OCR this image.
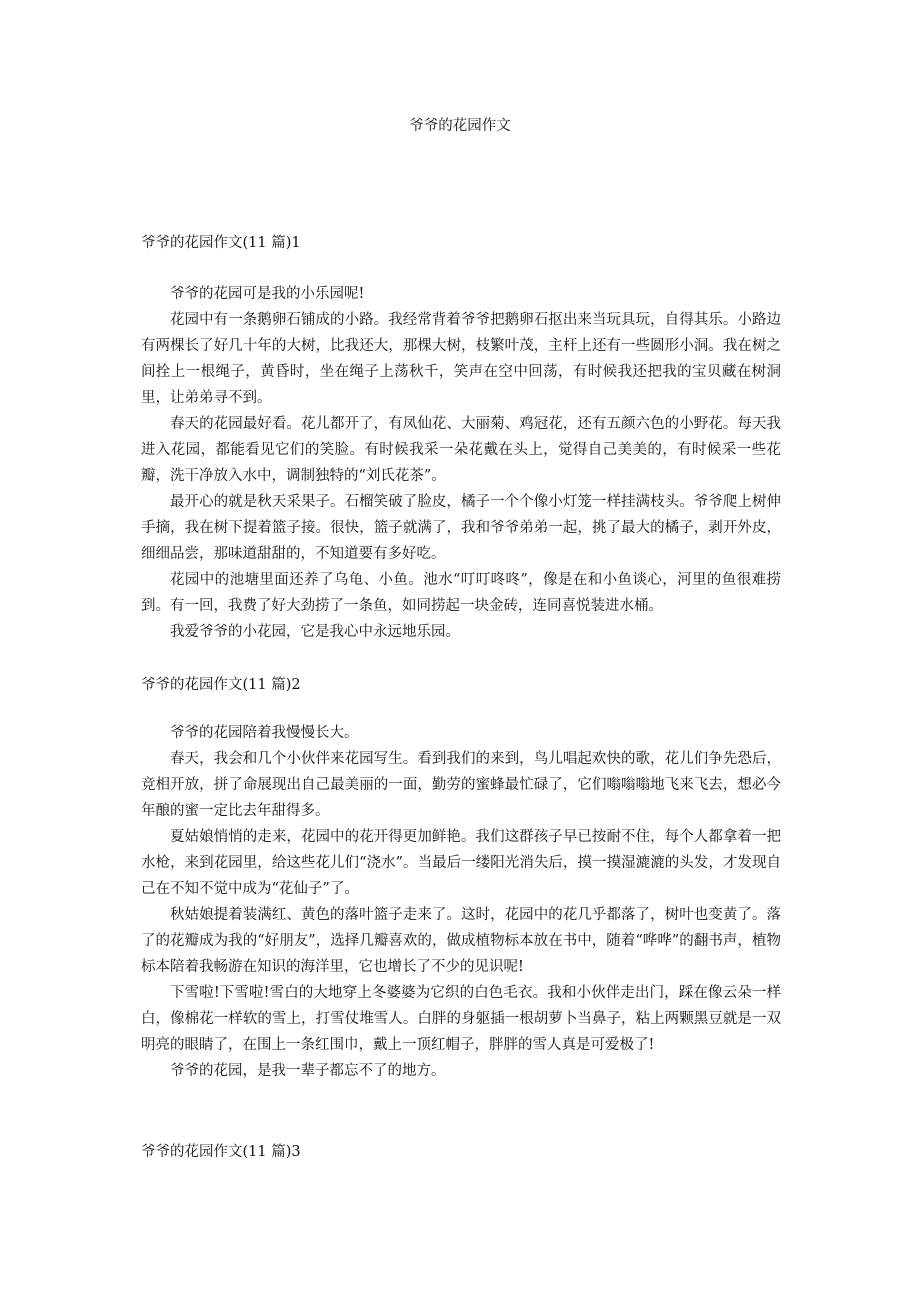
爷爷的花园作文
爷爷的花园作文(11 篇)1

爷爷的花园可是我的小乐园呢!

花园中有一条鹅卵石铺成的小路。我经常背着爷爷把鹅卵石抠出来当玩具玩，自得其乐。小路边有两棵长了好几十年的大树，比我还大，那棵大树，枝繁叶茂，主杆上还有一些圆形小洞。我在树之间拴上一根绳子，黄昏时，坐在绳子上荡秋千，笑声在空中回荡，有时候我还把我的宝贝藏在树洞里，让弟弟寻不到。

春天的花园最好看。花儿都开了，有凤仙花、大丽菊、鸡冠花，还有五颜六色的小野花。每天我进入花园，都能看见它们的笑脸。有时候我采一朵花戴在头上，觉得自己美美的，有时候采一些花瓣，洗干净放入水中，调制独特的“刘氏花茶”。

最开心的就是秋天采果子。石榴笑破了脸皮，橘子一个个像小灯笼一样挂满枝头。爷爷爬上树伸手摘，我在树下提着篮子接。很快，篮子就满了，我和爷爷弟弟一起，挑了最大的橘子，剥开外皮，细细品尝，那味道甜甜的，不知道要有多好吃。

花园中的池塘里面还养了乌龟、小鱼。池水“叮叮咚咚”，像是在和小鱼谈心，河里的鱼很难捞到。有一回，我费了好大劲捞了一条鱼，如同捞起一块金砖，连同喜悦装进水桶。

我爱爷爷的小花园，它是我心中永远地乐园。

爷爷的花园作文(11 篇)2

爷爷的花园陪着我慢慢长大。

春天，我会和几个小伙伴来花园写生。看到我们的来到，鸟儿唱起欢快的歌，花儿们争先恐后，竞相开放，拼了命展现出自己最美丽的一面，勤劳的蜜蜂最忙碌了，它们嗡嗡嗡地飞来飞去，想必今年酿的蜜一定比去年甜得多。

夏姑娘悄悄的走来，花园中的花开得更加鲜艳。我们这群孩子早已按耐不住，每个人都拿着一把水枪，来到花园里，给这些花儿们“浇水”。当最后一缕阳光消失后，摸一摸湿漉漉的头发，才发现自己在不知不觉中成为“花仙子”了。

秋姑娘提着装满红、黄色的落叶篮子走来了。这时，花园中的花几乎都落了，树叶也变黄了。落了的花瓣成为我的“好朋友”，选择几瓣喜欢的，做成植物标本放在书中，随着“哗哗”的翻书声，植物标本陪着我畅游在知识的海洋里，它也增长了不少的见识呢!

下雪啦!下雪啦!雪白的大地穿上冬婆婆为它织的白色毛衣。我和小伙伴走出门，踩在像云朵一样白，像棉花一样软的雪上，打雪仗堆雪人。白胖的身躯插一根胡萝卜当鼻子，粘上两颗黑豆就是一双明亮的眼睛了，在围上一条红围巾，戴上一顶红帽子，胖胖的雪人真是可爱极了!

爷爷的花园，是我一辈子都忘不了的地方。

爷爷的花园作文(11 篇)3
